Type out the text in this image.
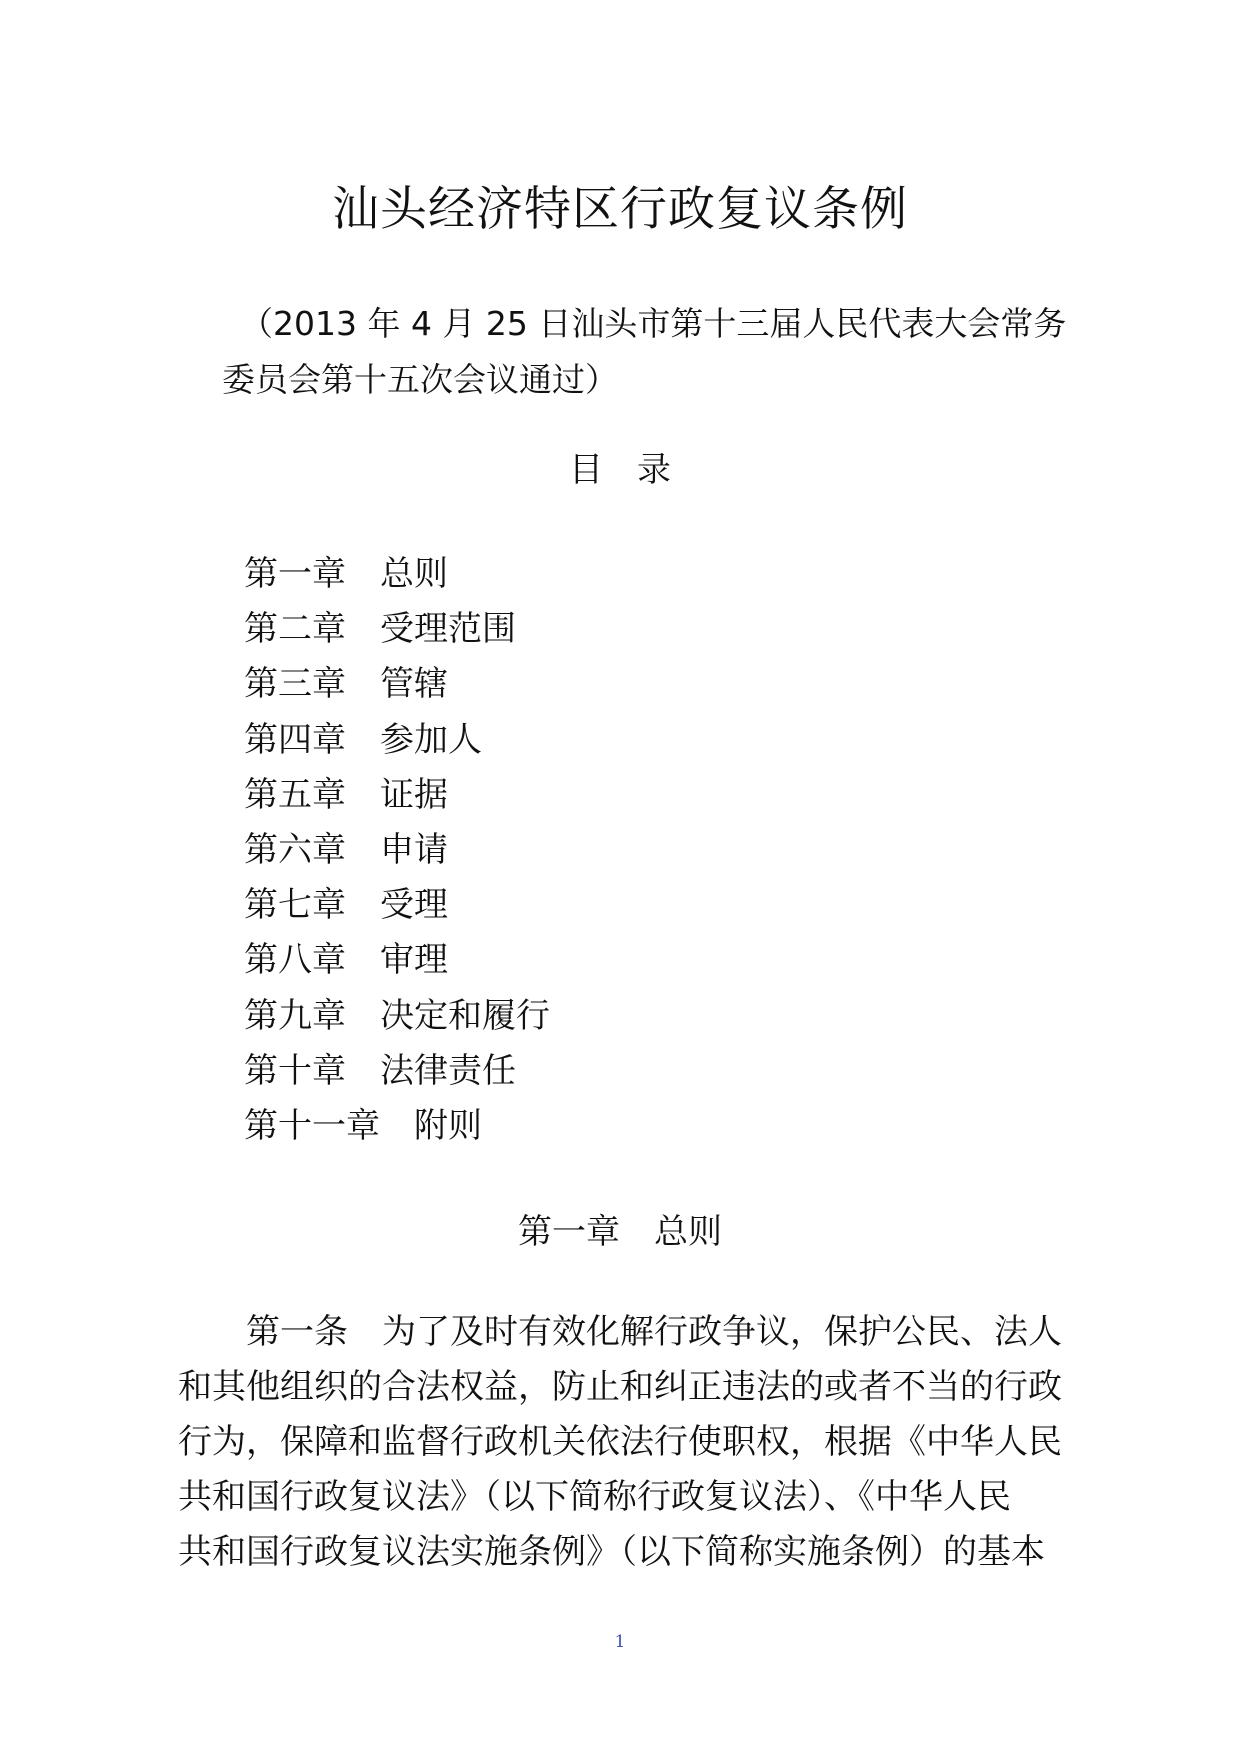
汕头经济特区行政复议条例
（2013 年 4 月 25 日汕头市第十三届人民代表大会常务
委员会第十五次会议通过）
目　录
第一章 总则
第二章 受理范围
第三章 管辖
第四章 参加人
第五章 证据
第六章 申请
第七章 受理
第八章 审理
第九章 决定和履行
第十章 法律责任
第十一章 附则
第一章 总则
第一条 为了及时有效化解行政争议，保护公民、法人
和其他组织的合法权益，防止和纠正违法的或者不当的行政
行为，保障和监督行政机关依法行使职权，根据《中华人民
共和国行政复议法》（以下简称行政复议法）、《中华人民
共和国行政复议法实施条例》（以下简称实施条例）的基本
1
